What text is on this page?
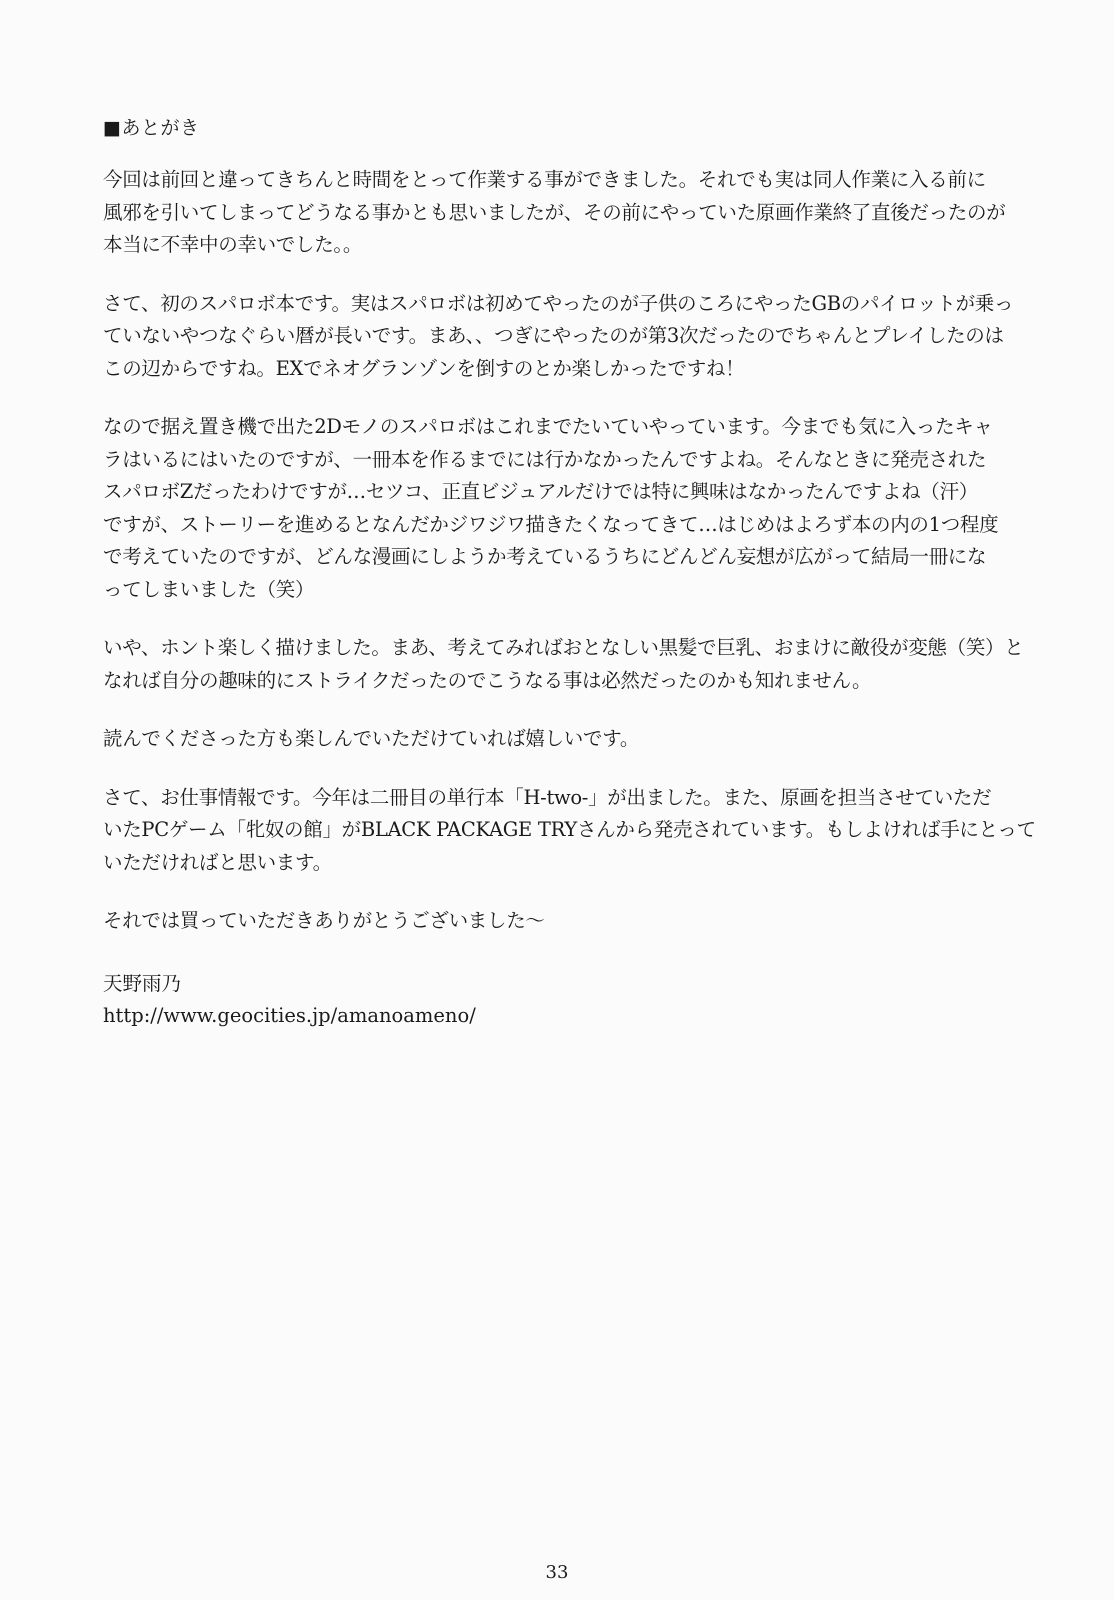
■あとがき
今回は前回と違ってきちんと時間をとって作業する事ができました。それでも実は同人作業に入る前に
風邪を引いてしまってどうなる事かとも思いましたが、その前にやっていた原画作業終了直後だったのが
本当に不幸中の幸いでした。。
さて、初のスパロボ本です。実はスパロボは初めてやったのが子供のころにやったGBのパイロットが乗っ
ていないやつなぐらい暦が長いです。まあ、、つぎにやったのが第3次だったのでちゃんとプレイしたのは
この辺からですね。EXでネオグランゾンを倒すのとか楽しかったですね！
なので据え置き機で出た2Dモノのスパロボはこれまでたいていやっています。今までも気に入ったキャ
ラはいるにはいたのですが、一冊本を作るまでには行かなかったんですよね。そんなときに発売された
スパロボZだったわけですが…セツコ、正直ビジュアルだけでは特に興味はなかったんですよね（汗）
ですが、ストーリーを進めるとなんだかジワジワ描きたくなってきて…はじめはよろず本の内の1つ程度
で考えていたのですが、どんな漫画にしようか考えているうちにどんどん妄想が広がって結局一冊にな
ってしまいました（笑）
いや、ホント楽しく描けました。まあ、考えてみればおとなしい黒髪で巨乳、おまけに敵役が変態（笑）と
なれば自分の趣味的にストライクだったのでこうなる事は必然だったのかも知れません。
読んでくださった方も楽しんでいただけていれば嬉しいです。
さて、お仕事情報です。今年は二冊目の単行本「H-two-」が出ました。また、原画を担当させていただ
いたPCゲーム「牝奴の館」がBLACK PACKAGE TRYさんから発売されています。もしよければ手にとって
いただければと思います。
それでは買っていただきありがとうございました～
天野雨乃
http://www.geocities.jp/amanoameno/
33
